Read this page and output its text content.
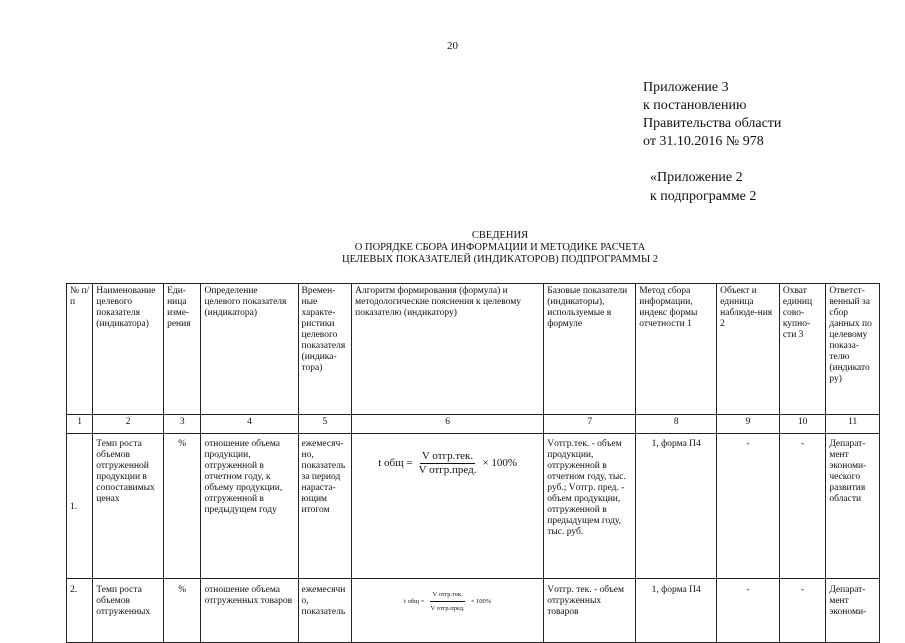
20
Приложение 3
к постановлению
Правительства области
от 31.10.2016 № 978
«Приложение 2
к подпрограмме 2
СВЕДЕНИЯ
О ПОРЯДКЕ СБОРА ИНФОРМАЦИИ И МЕТОДИКЕ РАСЧЕТА
ЦЕЛЕВЫХ ПОКАЗАТЕЛЕЙ (ИНДИКАТОРОВ) ПОДПРОГРАММЫ 2
№ п/п	Наименование целевого показателя (индикатора)	Еди-ница изме-рения	Определение целевого показателя (индикатора)	Времен-ные характе-ристики целевого показателя (индика-тора)	Алгоритм формирования (формула) и методологические пояснения к целевому показателю (индикатору)	Базовые показатели (индикаторы), используемые в формуле	Метод сбора информации, индекс формы отчетности 1	Объект и единица наблюде-ния 2	Охват единиц сово-купно-сти 3	Ответст-венный за сбор данных по целевому показа-телю (индикато ру)
1	2	3	4	5	6	7	8	9	10	11
1.	Темп роста объемов отгруженной продукции в сопоставимых ценах	%	отношение объема продукции, отгруженной в отчетном году, к объему продукции, отгруженной в предыдущем году	ежемесяч-но, показатель за период нараста-ющим итогом	t общ = $\frac{\text{V отгр.тек.}}{\text{V отгр.пред.}} \times 100\%$	Vотгр.тек. - объем продукции, отгруженной в отчетном году, тыс. руб.; Vотгр. пред. - объем продукции, отгруженной в предыдущем году, тыс. руб.	1, форма П4	-	-	Депарат-мент экономи-ческого развития области
2.	Темп роста объемов отгруженных	%	отношение объема отгруженных товаров	ежемесячн о, показатель	t общ = $\frac{\text{V отгр.тек.}}{\text{V отгр.пред.}} \times 100\%$	Vотгр. тек. - объем отгруженных товаров	1, форма П4	-	-	Депарат-мент экономи-
